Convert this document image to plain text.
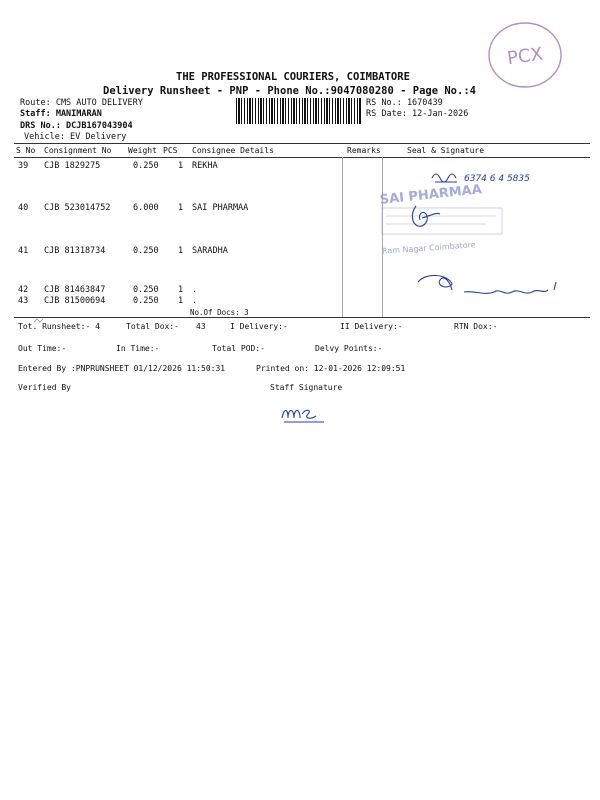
PCX
THE PROFESSIONAL COURIERS, COIMBATORE
Delivery Runsheet - PNP - Phone No.:9047080280 - Page No.:4
Route: CMS AUTO DELIVERY
Staff: MANIMARAN
DRS No.: DCJB167043904
Vehicle: EV Delivery
RS No.: 1670439
RS Date: 12-Jan-2026
S No Consignment No Weight PCS Consignee Details	Remarks	Seal & Signature
39 CJB 1829275	0.250 1 REKHA
40 CJB 523014752	6.000 1 SAI PHARMAA
41 CJB 81318734	0.250 1 SARADHA
42 CJB 81463847	0.250 1 .
43 CJB 81500694	0.250 1 .
No.Of Docs: 3
Tot. Runsheet:- 4	Total Dox:- 43	I Delivery:-	II Delivery:-	RTN Dox:-
Out Time:-	In Time:-	Total POD:-	Delvy Points:-
Entered By :PNPRUNSHEET 01/12/2026 11:50:31	Printed on: 12-01-2026 12:09:51
Verified By	Staff Signature
6374 6 4 5835
SAI PHARMAA
Ram Nagar Coimbatore
